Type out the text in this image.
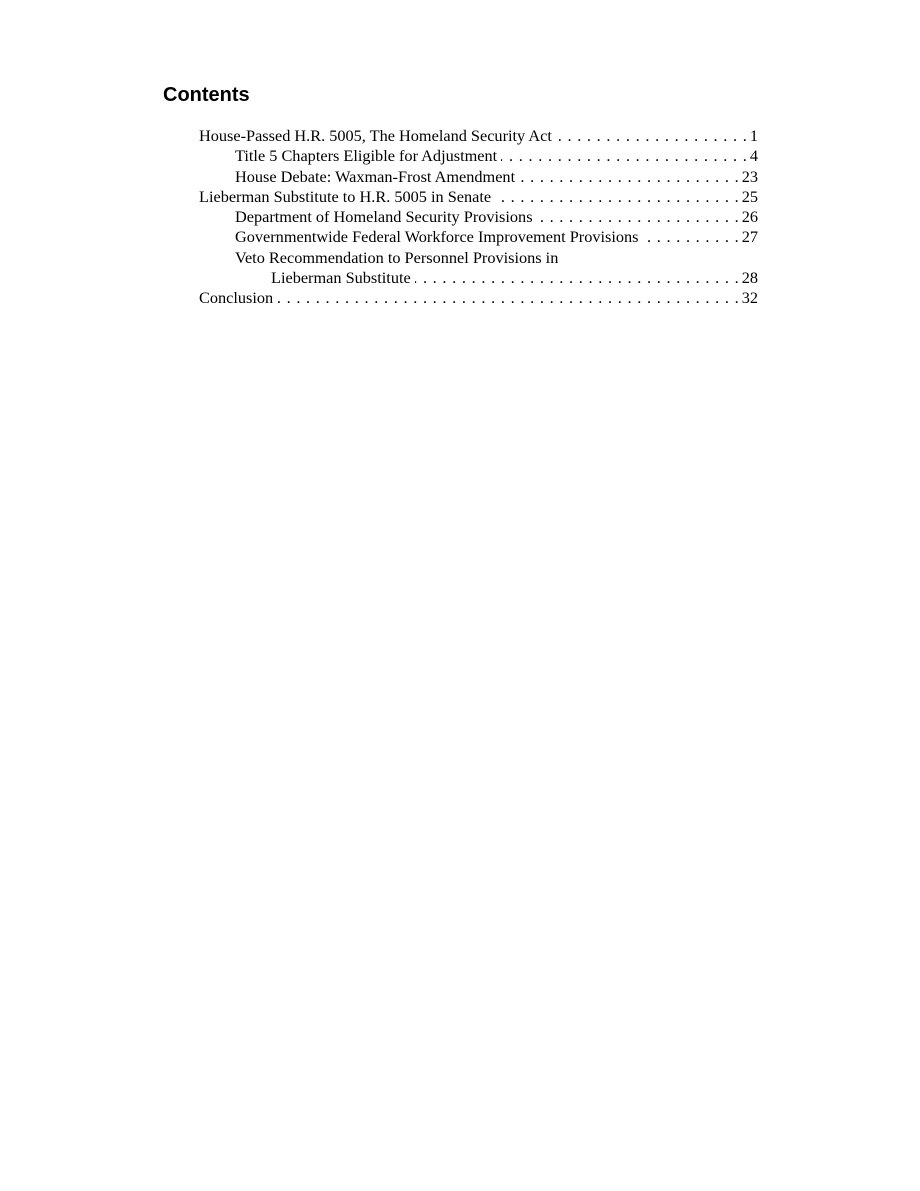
Contents
House-Passed H.R. 5005, The Homeland Security Act . . .	1
Title 5 Chapters Eligible for Adjustment . . .	4
House Debate: Waxman-Frost Amendment . . .	23
Lieberman Substitute to H.R. 5005 in Senate . . .	25
Department of Homeland Security Provisions . . .	26
Governmentwide Federal Workforce Improvement Provisions . . .	27
Veto Recommendation to Personnel Provisions in
Lieberman Substitute . . .	28
Conclusion . . .	32
